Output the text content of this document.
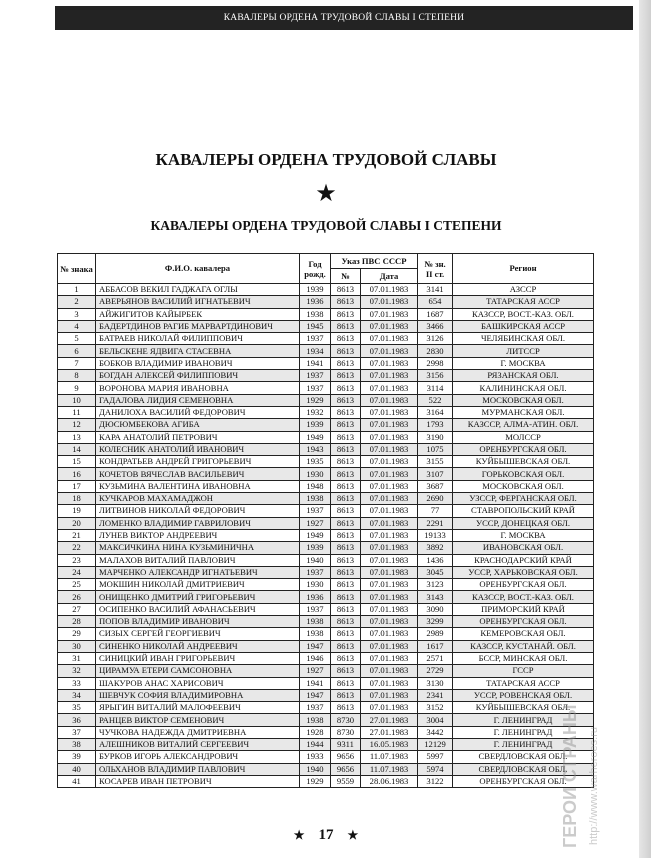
КАВАЛЕРЫ ОРДЕНА ТРУДОВОЙ СЛАВЫ I СТЕПЕНИ
КАВАЛЕРЫ ОРДЕНА ТРУДОВОЙ СЛАВЫ
★
КАВАЛЕРЫ ОРДЕНА ТРУДОВОЙ СЛАВЫ I СТЕПЕНИ
№ знака	Ф.И.О. кавалера	Год рожд.	Указ ПВС СССР		№ зн. II ст.	Регион
			№	Дата		
1	АББАСОВ ВЕКИЛ ГАДЖАГА ОГЛЫ	1939	8613	07.01.1983	3141	АЗССР
2	АВЕРЬЯНОВ ВАСИЛИЙ ИГНАТЬЕВИЧ	1936	8613	07.01.1983	654	ТАТАРСКАЯ АССР
3	АЙЖИГИТОВ КАЙЫРБЕК	1938	8613	07.01.1983	1687	КАЗССР, ВОСТ.-КАЗ. ОБЛ.
4	БАДЕРТДИНОВ РАГИБ МАРВАРТДИНОВИЧ	1945	8613	07.01.1983	3466	БАШКИРСКАЯ АССР
5	БАТРАЕВ НИКОЛАЙ ФИЛИППОВИЧ	1937	8613	07.01.1983	3126	ЧЕЛЯБИНСКАЯ ОБЛ.
6	БЕЛЬСКЕНЕ ЯДВИГА СТАСЕВНА	1934	8613	07.01.1983	2830	ЛИТССР
7	БОБКОВ ВЛАДИМИР ИВАНОВИЧ	1941	8613	07.01.1983	2998	Г. МОСКВА
8	БОГДАН АЛЕКСЕЙ ФИЛИППОВИЧ	1937	8613	07.01.1983	3156	РЯЗАНСКАЯ ОБЛ.
9	ВОРОНОВА МАРИЯ ИВАНОВНА	1937	8613	07.01.1983	3114	КАЛИНИНСКАЯ ОБЛ.
10	ГАДАЛОВА ЛИДИЯ СЕМЕНОВНА	1929	8613	07.01.1983	522	МОСКОВСКАЯ ОБЛ.
11	ДАНИЛОХА ВАСИЛИЙ ФЕДОРОВИЧ	1932	8613	07.01.1983	3164	МУРМАНСКАЯ ОБЛ.
12	ДЮСЮМБЕКОВА АГИБА	1939	8613	07.01.1983	1793	КАЗССР, АЛМА-АТИН. ОБЛ.
13	КАРА АНАТОЛИЙ ПЕТРОВИЧ	1949	8613	07.01.1983	3190	МОЛССР
14	КОЛЕСНИК АНАТОЛИЙ ИВАНОВИЧ	1943	8613	07.01.1983	1075	ОРЕНБУРГСКАЯ ОБЛ.
15	КОНДРАТЬЕВ АНДРЕЙ ГРИГОРЬЕВИЧ	1935	8613	07.01.1983	3155	КУЙБЫШЕВСКАЯ ОБЛ.
16	КОЧЕТОВ ВЯЧЕСЛАВ ВАСИЛЬЕВИЧ	1930	8613	07.01.1983	3107	ГОРЬКОВСКАЯ ОБЛ.
17	КУЗЬМИНА ВАЛЕНТИНА ИВАНОВНА	1948	8613	07.01.1983	3687	МОСКОВСКАЯ ОБЛ.
18	КУЧКАРОВ МАХАМАДЖОН	1938	8613	07.01.1983	2690	УЗССР, ФЕРГАНСКАЯ ОБЛ.
19	ЛИТВИНОВ НИКОЛАЙ ФЕДОРОВИЧ	1937	8613	07.01.1983	77	СТАВРОПОЛЬСКИЙ КРАЙ
20	ЛОМЕНКО ВЛАДИМИР ГАВРИЛОВИЧ	1927	8613	07.01.1983	2291	УССР, ДОНЕЦКАЯ ОБЛ.
21	ЛУНЕВ ВИКТОР АНДРЕЕВИЧ	1949	8613	07.01.1983	19133	Г. МОСКВА
22	МАКСИЧКИНА НИНА КУЗЬМИНИЧНА	1939	8613	07.01.1983	3892	ИВАНОВСКАЯ ОБЛ.
23	МАЛАХОВ ВИТАЛИЙ ПАВЛОВИЧ	1940	8613	07.01.1983	1436	КРАСНОДАРСКИЙ КРАЙ
24	МАРЧЕНКО АЛЕКСАНДР ИГНАТЬЕВИЧ	1937	8613	07.01.1983	3045	УССР, ХАРЬКОВСКАЯ ОБЛ.
25	МОКШИН НИКОЛАЙ ДМИТРИЕВИЧ	1930	8613	07.01.1983	3123	ОРЕНБУРГСКАЯ ОБЛ.
26	ОНИЩЕНКО ДМИТРИЙ ГРИГОРЬЕВИЧ	1936	8613	07.01.1983	3143	КАЗССР, ВОСТ.-КАЗ. ОБЛ.
27	ОСИПЕНКО ВАСИЛИЙ АФАНАСЬЕВИЧ	1937	8613	07.01.1983	3090	ПРИМОРСКИЙ КРАЙ
28	ПОПОВ ВЛАДИМИР ИВАНОВИЧ	1938	8613	07.01.1983	3299	ОРЕНБУРГСКАЯ ОБЛ.
29	СИЗЫХ СЕРГЕЙ ГЕОРГИЕВИЧ	1938	8613	07.01.1983	2989	КЕМЕРОВСКАЯ ОБЛ.
30	СИНЕНКО НИКОЛАЙ АНДРЕЕВИЧ	1947	8613	07.01.1983	1617	КАЗССР, КУСТАНАЙ. ОБЛ.
31	СИНИЦКИЙ ИВАН ГРИГОРЬЕВИЧ	1946	8613	07.01.1983	2571	БССР, МИНСКАЯ ОБЛ.
32	ЦИРАМУА ЕТЕРИ САМСОНОВНА	1927	8613	07.01.1983	2729	ГССР
33	ШАКУРОВ АНАС ХАРИСОВИЧ	1941	8613	07.01.1983	3130	ТАТАРСКАЯ АССР
34	ШЕВЧУК СОФИЯ ВЛАДИМИРОВНА	1947	8613	07.01.1983	2341	УССР, РОВЕНСКАЯ ОБЛ.
35	ЯРЫГИН ВИТАЛИЙ МАЛОФЕЕВИЧ	1937	8613	07.01.1983	3152	КУЙБЫШЕВСКАЯ ОБЛ.
36	РАНЦЕВ ВИКТОР СЕМЕНОВИЧ	1938	8730	27.01.1983	3004	Г. ЛЕНИНГРАД
37	ЧУЧКОВА НАДЕЖДА ДМИТРИЕВНА	1928	8730	27.01.1983	3442	Г. ЛЕНИНГРАД
38	АЛЕШНИКОВ ВИТАЛИЙ СЕРГЕЕВИЧ	1944	9311	16.05.1983	12129	Г. ЛЕНИНГРАД
39	БУРКОВ ИГОРЬ АЛЕКСАНДРОВИЧ	1933	9656	11.07.1983	5997	СВЕРДЛОВСКАЯ ОБЛ.
40	ОЛЬХАНОВ ВЛАДИМИР ПАВЛОВИЧ	1940	9656	11.07.1983	5974	СВЕРДЛОВСКАЯ ОБЛ.
41	КОСАРЕВ ИВАН ПЕТРОВИЧ	1929	9559	28.06.1983	3122	ОРЕНБУРГСКАЯ ОБЛ.
★ 17 ★	ГЕРОИ СТРАНЫ http://www.warheroes.ru
